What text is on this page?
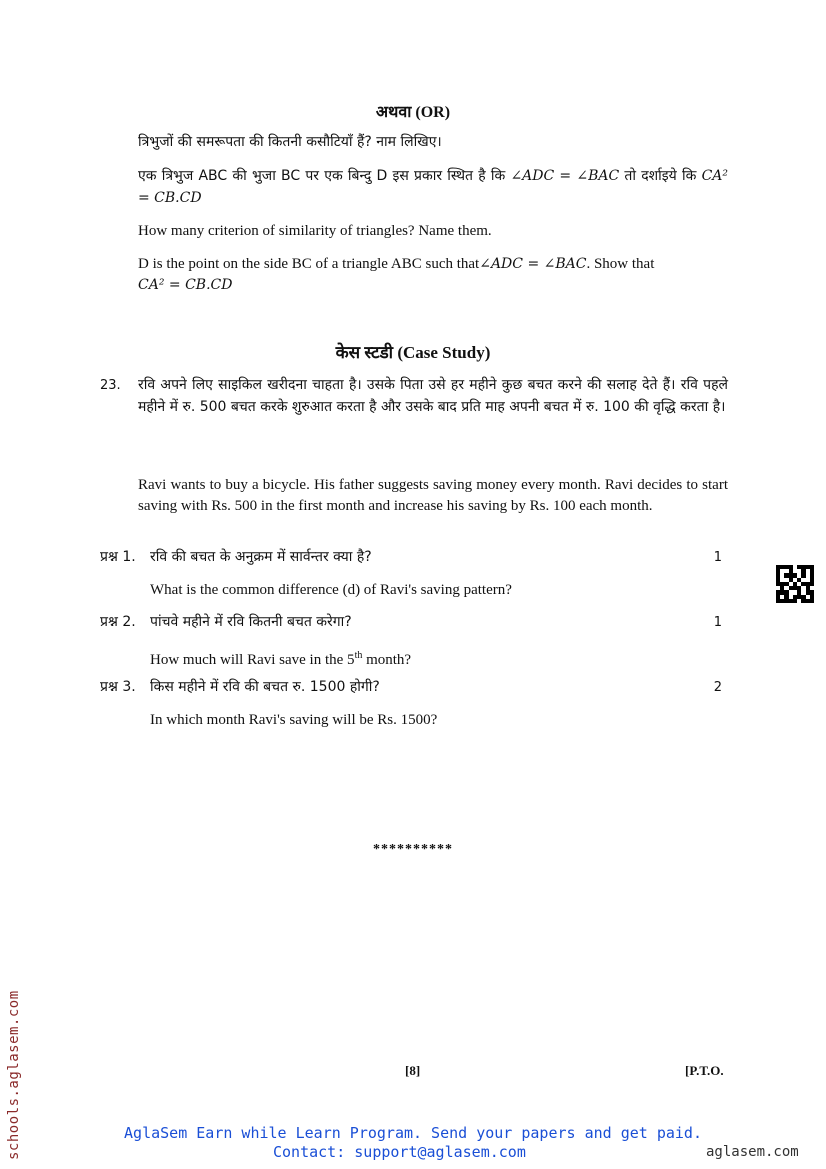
अथवा (OR)
त्रिभुजों की समरूपता की कितनी कसौटियाँ हैं? नाम लिखिए।
एक त्रिभुज ABC की भुजा BC पर एक बिन्दु D इस प्रकार स्थित है कि ∠ADC = ∠BAC तो दर्शाइये कि CA² = CB.CD
How many criterion of similarity of triangles? Name them.
D is the point on the side BC of a triangle ABC such that∠ADC = ∠BAC. Show that
CA² = CB.CD
केस स्टडी (Case Study)
23. रवि अपने लिए साइकिल खरीदना चाहता है। उसके पिता उसे हर महीने कुछ बचत करने की सलाह देते हैं। रवि पहले महीने में रु. 500 बचत करके शुरुआत करता है और उसके बाद प्रति माह अपनी बचत में रु. 100 की वृद्धि करता है।
Ravi wants to buy a bicycle. His father suggests saving money every month. Ravi decides to start saving with Rs. 500 in the first month and increase his saving by Rs. 100 each month.
प्रश्न 1. रवि की बचत के अनुक्रम में सार्वन्तर क्या है?	1
What is the common difference (d) of Ravi's saving pattern?
प्रश्न 2. पांचवे महीने में रवि कितनी बचत करेगा?	1
How much will Ravi save in the 5th month?
प्रश्न 3. किस महीने में रवि की बचत रु. 1500 होगी?	2
In which month Ravi's saving will be Rs. 1500?
**********
[8]	[P.T.O.
schools.aglasem.com	AglaSem Earn while Learn Program. Send your papers and get paid.
Contact: support@aglasem.com	aglasem.com
